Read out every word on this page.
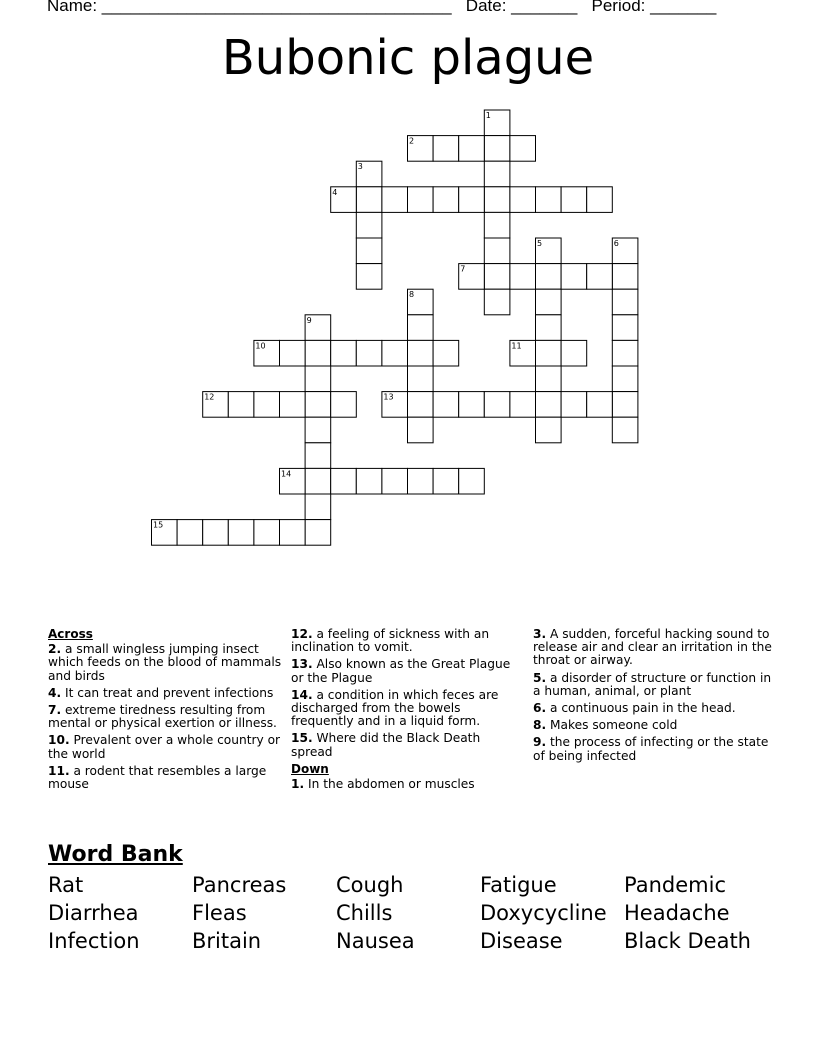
Name: _____________________________________ Date: _______ Period: _______
Bubonic plague
1
2
3
4
5	6
7
8
9
10	11
12	13
14
15
Across
2. a small wingless jumping insect which feeds on the blood of mammals and birds
4. It can treat and prevent infections
7. extreme tiredness resulting from mental or physical exertion or illness.
10. Prevalent over a whole country or the world
11. a rodent that resembles a large mouse
12. a feeling of sickness with an inclination to vomit.
13. Also known as the Great Plague or the Plague
14. a condition in which feces are discharged from the bowels frequently and in a liquid form.
15. Where did the Black Death spread
Down
1. In the abdomen or muscles
3. A sudden, forceful hacking sound to release air and clear an irritation in the throat or airway.
5. a disorder of structure or function in a human, animal, or plant
6. a continuous pain in the head.
8. Makes someone cold
9. the process of infecting or the state of being infected
Word Bank
Rat	Pancreas	Cough	Fatigue	Pandemic
Diarrhea	Fleas	Chills	Doxycycline Headache
Infection	Britain	Nausea	Disease	Black Death
